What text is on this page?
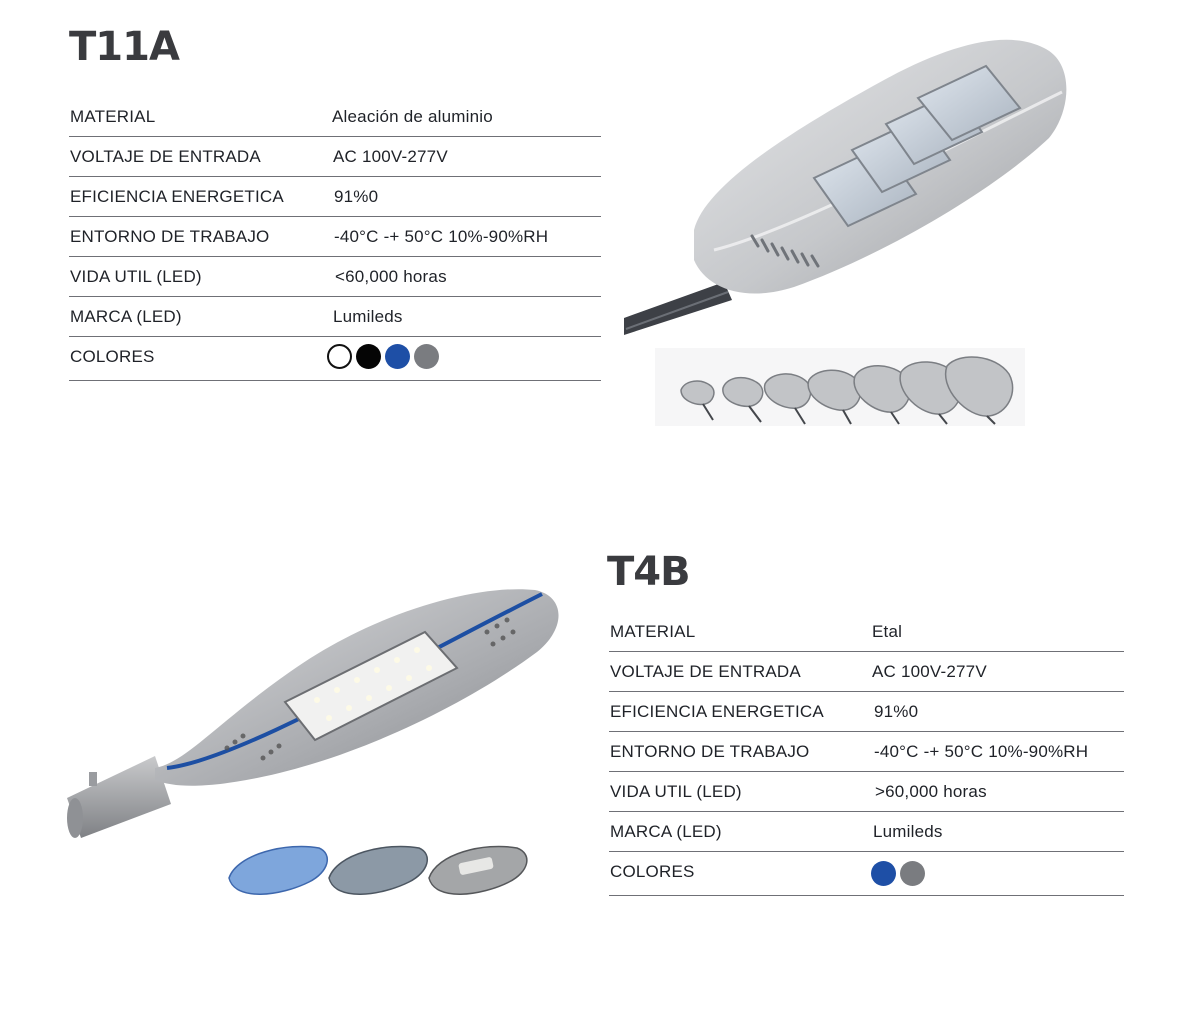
T11A
MATERIAL	Aleación de aluminio
VOLTAJE DE ENTRADA	AC 100V-277V
EFICIENCIA ENERGETICA	91%0
ENTORNO DE TRABAJO	-40°C -+ 50°C 10%-90%RH
VIDA UTIL (LED)	<60,000 horas
MARCA (LED)	Lumileds
COLORES
T4B
MATERIAL	Etal
VOLTAJE DE ENTRADA	AC 100V-277V
EFICIENCIA ENERGETICA	91%0
ENTORNO DE TRABAJO	-40°C -+ 50°C 10%-90%RH
VIDA UTIL (LED)	>60,000 horas
MARCA (LED)	Lumileds
COLORES
